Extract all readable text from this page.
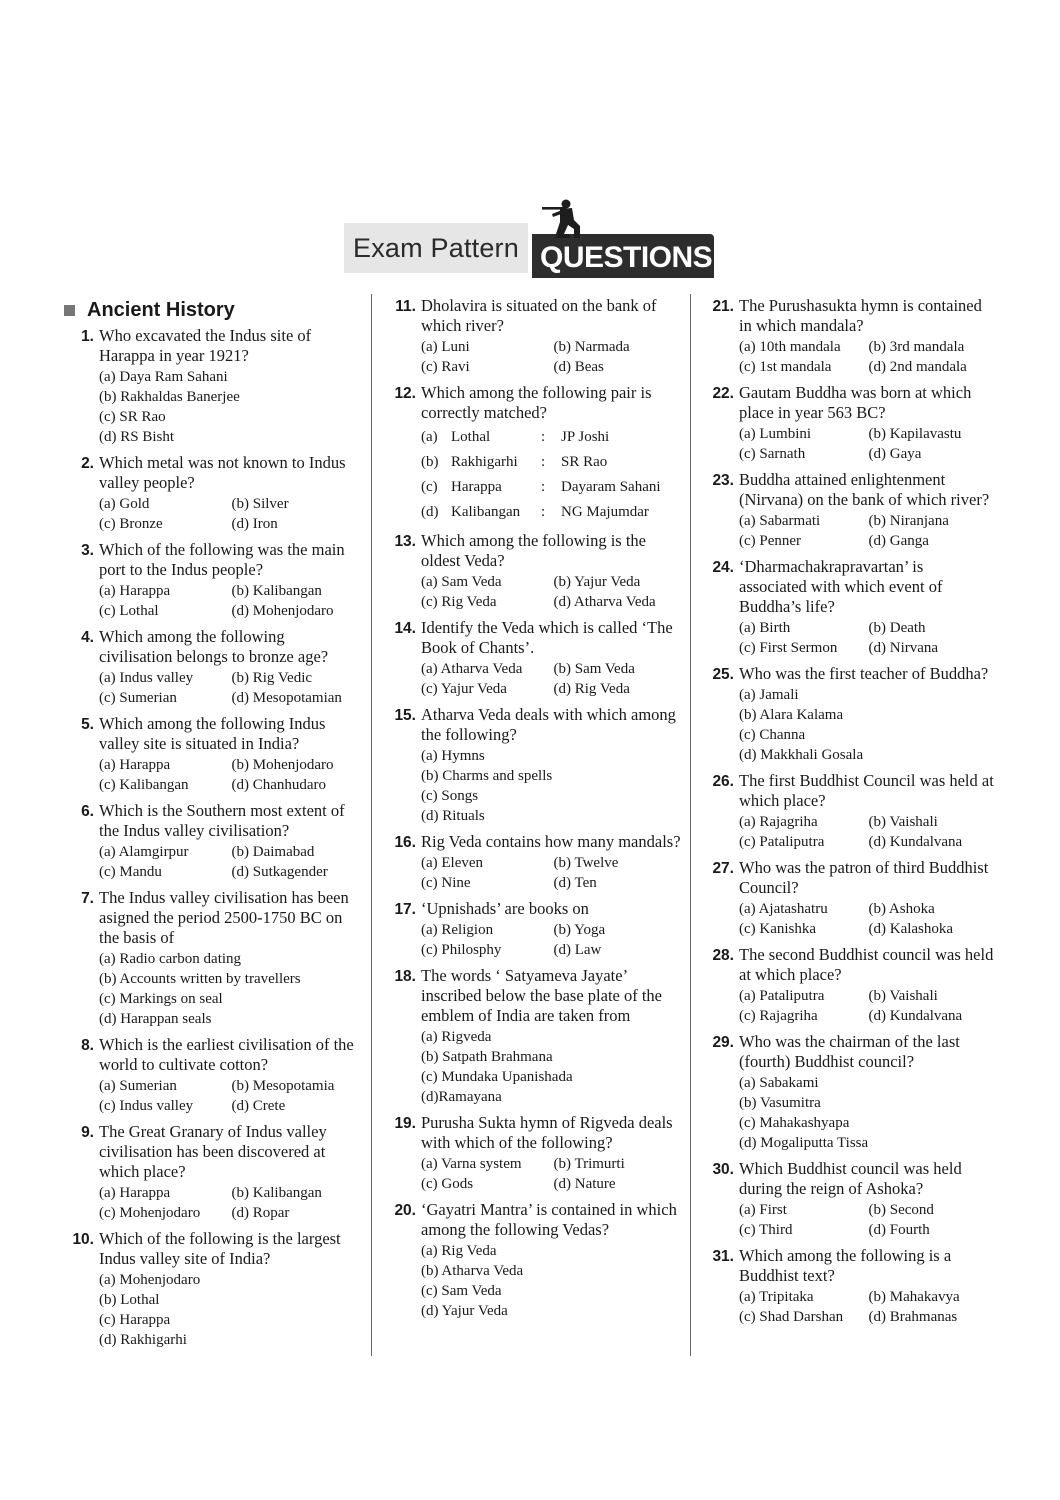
Exam Pattern QUESTIONS
Ancient History
1. Who excavated the Indus site of Harappa in year 1921?
(a) Daya Ram Sahani
(b) Rakhaldas Banerjee
(c) SR Rao
(d) RS Bisht
2. Which metal was not known to Indus valley people?
(a) Gold	(b) Silver
(c) Bronze	(d) Iron
3. Which of the following was the main port to the Indus people?
(a) Harappa	(b) Kalibangan
(c) Lothal	(d) Mohenjodaro
4. Which among the following civilisation belongs to bronze age?
(a) Indus valley	(b) Rig Vedic
(c) Sumerian	(d) Mesopotamian
5. Which among the following Indus valley site is situated in India?
(a) Harappa	(b) Mohenjodaro
(c) Kalibangan	(d) Chanhudaro
6. Which is the Southern most extent of the Indus valley civilisation?
(a) Alamgirpur	(b) Daimabad
(c) Mandu	(d) Sutkagender
7. The Indus valley civilisation has been asigned the period 2500-1750 BC on the basis of
(a) Radio carbon dating
(b) Accounts written by travellers
(c) Markings on seal
(d) Harappan seals
8. Which is the earliest civilisation of the world to cultivate cotton?
(a) Sumerian	(b) Mesopotamia
(c) Indus valley	(d) Crete
9. The Great Granary of Indus valley civilisation has been discovered at which place?
(a) Harappa	(b) Kalibangan
(c) Mohenjodaro	(d) Ropar
10. Which of the following is the largest Indus valley site of India?
(a) Mohenjodaro
(b) Lothal
(c) Harappa
(d) Rakhigarhi
11. Dholavira is situated on the bank of which river?
(a) Luni	(b) Narmada
(c) Ravi	(d) Beas
12. Which among the following pair is correctly matched?
(a) Lothal	:	JP Joshi
(b) Rakhigarhi	:	SR Rao
(c) Harappa	:	Dayaram Sahani
(d) Kalibangan	:	NG Majumdar
13. Which among the following is the oldest Veda?
(a) Sam Veda	(b) Yajur Veda
(c) Rig Veda	(d) Atharva Veda
14. Identify the Veda which is called ‘The Book of Chants’.
(a) Atharva Veda	(b) Sam Veda
(c) Yajur Veda	(d) Rig Veda
15. Atharva Veda deals with which among the following?
(a) Hymns
(b) Charms and spells
(c) Songs
(d) Rituals
16. Rig Veda contains how many mandals?
(a) Eleven	(b) Twelve
(c) Nine	(d) Ten
17. ‘Upnishads’ are books on
(a) Religion	(b) Yoga
(c) Philosphy	(d) Law
18. The words ‘ Satyameva Jayate’ inscribed below the base plate of the emblem of India are taken from
(a) Rigveda
(b) Satpath Brahmana
(c) Mundaka Upanishada
(d)Ramayana
19. Purusha Sukta hymn of Rigveda deals with which of the following?
(a) Varna system	(b) Trimurti
(c) Gods	(d) Nature
20. ‘Gayatri Mantra’ is contained in which among the following Vedas?
(a) Rig Veda
(b) Atharva Veda
(c) Sam Veda
(d) Yajur Veda
21. The Purushasukta hymn is contained in which mandala?
(a) 10th mandala	(b) 3rd mandala
(c) 1st mandala	(d) 2nd mandala
22. Gautam Buddha was born at which place in year 563 BC?
(a) Lumbini	(b) Kapilavastu
(c) Sarnath	(d) Gaya
23. Buddha attained enlightenment (Nirvana) on the bank of which river?
(a) Sabarmati	(b) Niranjana
(c) Penner	(d) Ganga
24. ‘Dharmachakrapravartan’ is associated with which event of Buddha’s life?
(a) Birth	(b) Death
(c) First Sermon	(d) Nirvana
25. Who was the first teacher of Buddha?
(a) Jamali
(b) Alara Kalama
(c) Channa
(d) Makkhali Gosala
26. The first Buddhist Council was held at which place?
(a) Rajagriha	(b) Vaishali
(c) Pataliputra	(d) Kundalvana
27. Who was the patron of third Buddhist Council?
(a) Ajatashatru	(b) Ashoka
(c) Kanishka	(d) Kalashoka
28. The second Buddhist council was held at which place?
(a) Pataliputra	(b) Vaishali
(c) Rajagriha	(d) Kundalvana
29. Who was the chairman of the last (fourth) Buddhist council?
(a) Sabakami
(b) Vasumitra
(c) Mahakashyapa
(d) Mogaliputta Tissa
30. Which Buddhist council was held during the reign of Ashoka?
(a) First	(b) Second
(c) Third	(d) Fourth
31. Which among the following is a Buddhist text?
(a) Tripitaka	(b) Mahakavya
(c) Shad Darshan	(d) Brahmanas
